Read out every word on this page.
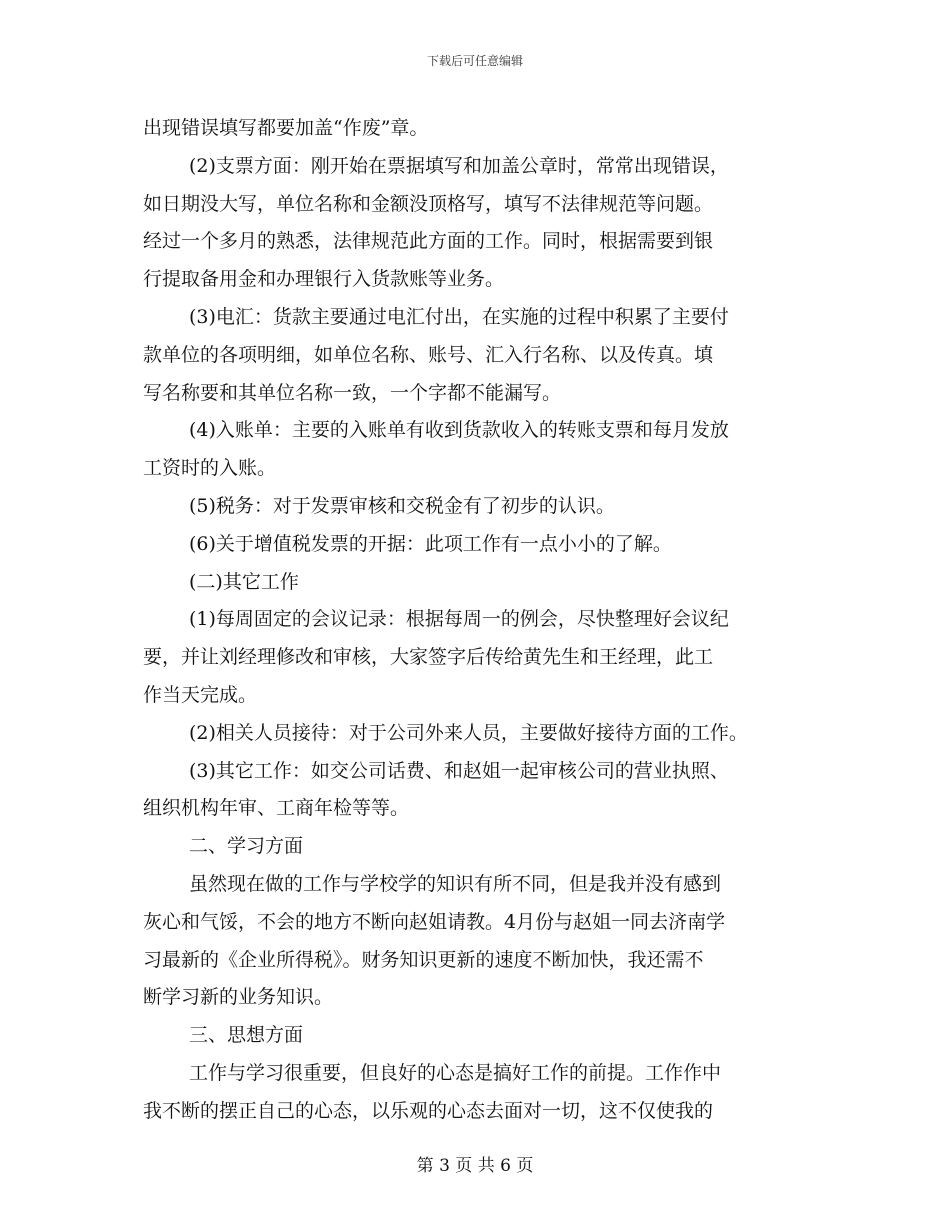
下载后可任意编辑
出现错误填写都要加盖“作废”章。
(2)支票方面：刚开始在票据填写和加盖公章时，常常出现错误，
如日期没大写，单位名称和金额没顶格写，填写不法律规范等问题。
经过一个多月的熟悉，法律规范此方面的工作。同时，根据需要到银
行提取备用金和办理银行入货款账等业务。
(3)电汇：货款主要通过电汇付出，在实施的过程中积累了主要付
款单位的各项明细，如单位名称、账号、汇入行名称、以及传真。填
写名称要和其单位名称一致，一个字都不能漏写。
(4)入账单：主要的入账单有收到货款收入的转账支票和每月发放
工资时的入账。
(5)税务：对于发票审核和交税金有了初步的认识。
(6)关于增值税发票的开据：此项工作有一点小小的了解。
(二)其它工作
(1)每周固定的会议记录：根据每周一的例会，尽快整理好会议纪
要，并让刘经理修改和审核，大家签字后传给黄先生和王经理，此工
作当天完成。
(2)相关人员接待：对于公司外来人员，主要做好接待方面的工作。
(3)其它工作：如交公司话费、和赵姐一起审核公司的营业执照、
组织机构年审、工商年检等等。
二、学习方面
虽然现在做的工作与学校学的知识有所不同，但是我并没有感到
灰心和气馁，不会的地方不断向赵姐请教。4月份与赵姐一同去济南学
习最新的《企业所得税》。财务知识更新的速度不断加快，我还需不
断学习新的业务知识。
三、思想方面
工作与学习很重要，但良好的心态是搞好工作的前提。工作作中
我不断的摆正自己的心态，以乐观的心态去面对一切，这不仅使我的
第 3 页 共 6 页
